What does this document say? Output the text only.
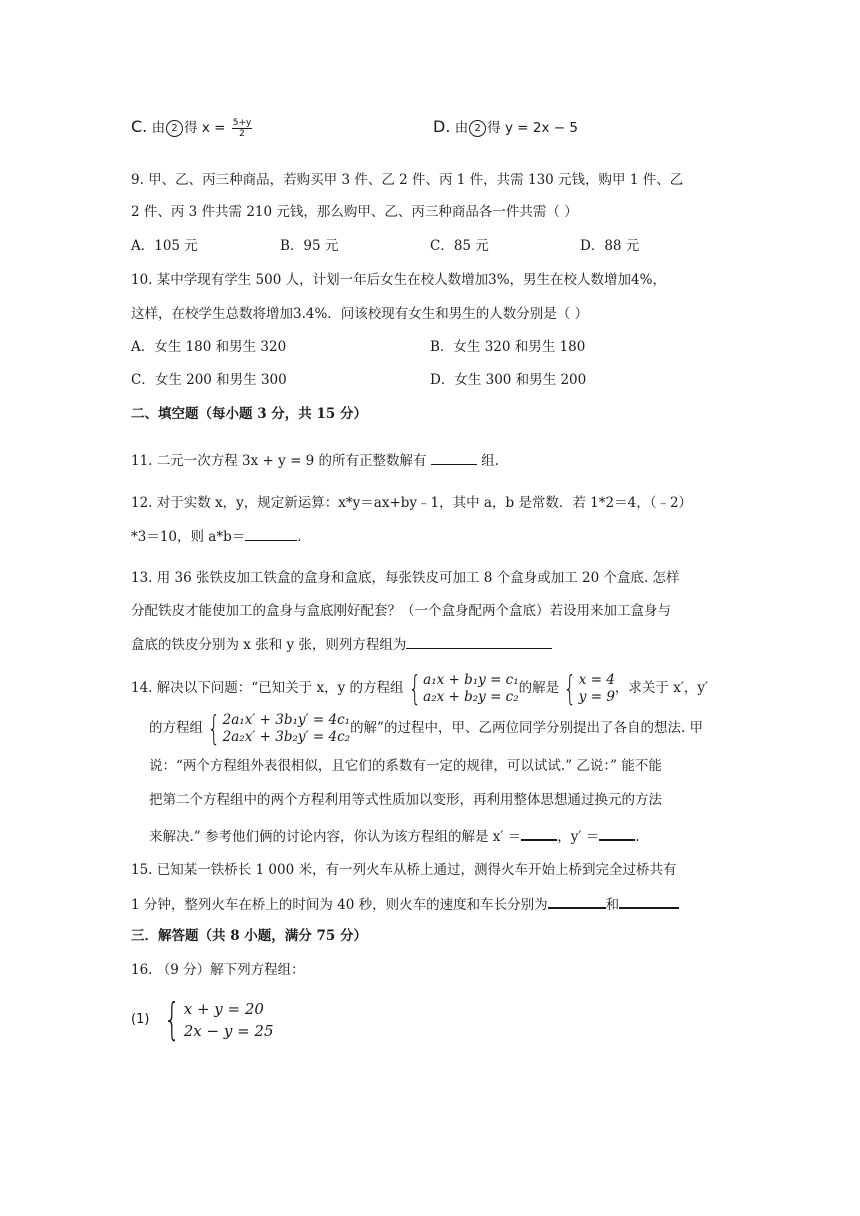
C. 由 2 得 $x = \frac{5+y}{2}$	D. 由 2 得 y = 2x − 5
9. 甲、乙、丙三种商品，若购买甲 3 件、乙 2 件、丙 1 件，共需 130 元钱，购甲 1 件、乙
2 件、丙 3 件共需 210 元钱，那么购甲、乙、丙三种商品各一件共需（ ）
A．105 元	B．95 元	C．85 元	D．88 元
10. 某中学现有学生 500 人，计划一年后女生在校人数增加3%，男生在校人数增加4%，
这样，在校学生总数将增加3.4%．问该校现有女生和男生的人数分别是（ ）
A．女生 180 和男生 320	B．女生 320 和男生 180
C．女生 200 和男生 300	D．女生 300 和男生 200
二、填空题（每小题 3 分，共 15 分）
11. 二元一次方程 3x + y = 9 的所有正整数解有	组.
12. 对于实数 x，y，规定新运算：x*y＝ax+by﹣1，其中 a，b 是常数．若 1*2＝4，（﹣2）
*3＝10，则 a*b＝	．
13. 用 36 张铁皮加工铁盒的盒身和盒底，每张铁皮可加工 8 个盒身或加工 20 个盒底. 怎样
分配铁皮才能使加工的盒身与盒底刚好配套？（一个盒身配两个盒底）若设用来加工盒身与
盒底的铁皮分别为 x 张和 y 张，则列方程组为
14. 解决以下问题：“已知关于 x，y 的方程组 { a₁x + b₁y = c₁
a₂x + b₂y = c₂
的解是 { x = 4
y = 9
，求关于 x′，y′
的方程组 { 2a₁x′ + 3b₁y′ = 4c₁
2a₂x′ + 3b₂y′ = 4c₂
的解”的过程中，甲、乙两位同学分别提出了各自的想法. 甲
说：“两个方程组外表很相似，且它们的系数有一定的规律，可以试试.” 乙说：” 能不能
把第二个方程组中的两个方程利用等式性质加以变形，再利用整体思想通过换元的方法
来解决.” 参考他们俩的讨论内容，你认为该方程组的解是 x′ ＝	，y′ ＝	.
15. 已知某一铁桥长 1 000 米，有一列火车从桥上通过，测得火车开始上桥到完全过桥共有
1 分钟，整列火车在桥上的时间为 40 秒，则火车的速度和车长分别为	和
三．解答题（共 8 小题，满分 75 分）
16. （9 分）解下列方程组：
(1) { x + y = 20
2x − y = 25
